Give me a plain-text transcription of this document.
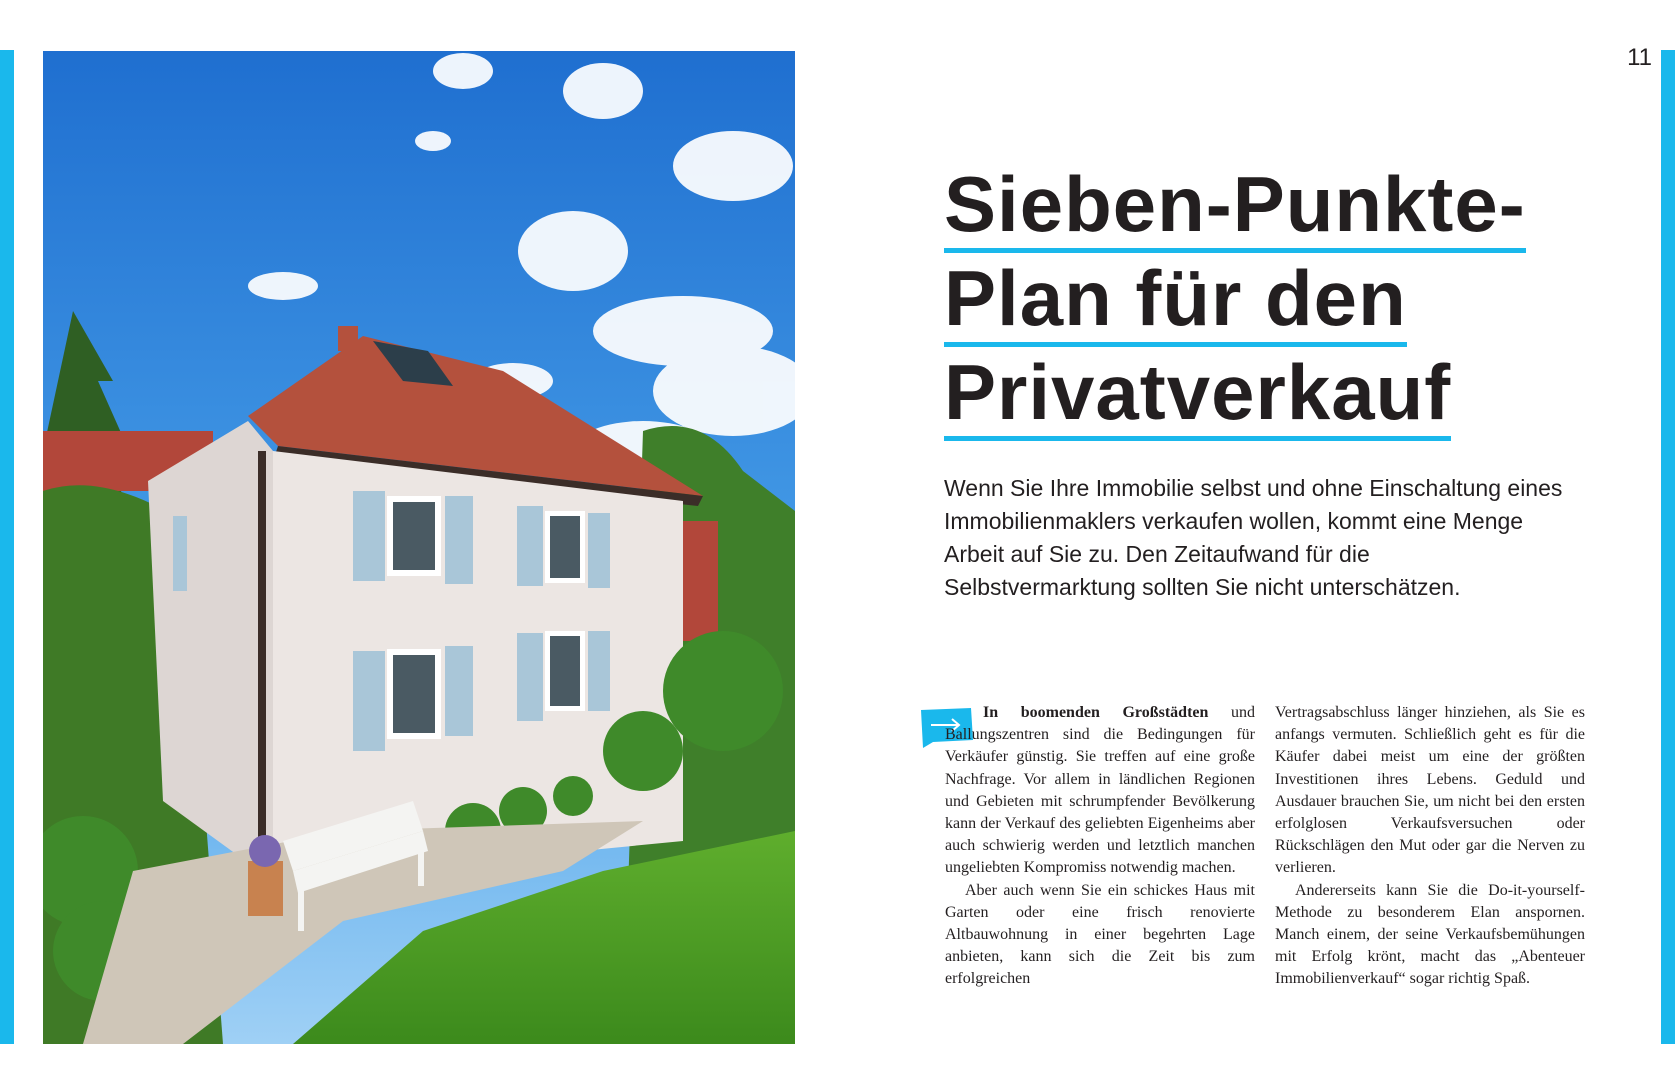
11
Sieben-Punkte-
Plan für den
Privatverkauf

Wenn Sie Ihre Immobilie selbst und ohne Einschaltung eines Immobilienmaklers verkaufen wollen, kommt eine Menge Arbeit auf Sie zu. Den Zeitaufwand für die Selbstvermarktung sollten Sie nicht unterschätzen.

In boomenden Großstädten und Ballungszentren sind die Bedingungen für Verkäufer günstig. Sie treffen auf eine große Nachfrage. Vor allem in ländlichen Regionen und Gebieten mit schrumpfender Bevölkerung kann der Verkauf des geliebten Eigenheims aber auch schwierig werden und letztlich manchen ungeliebten Kompromiss notwendig machen.

Aber auch wenn Sie ein schickes Haus mit Garten oder eine frisch renovierte Altbauwohnung in einer begehrten Lage anbieten, kann sich die Zeit bis zum erfolgreichen

Vertragsabschluss länger hinziehen, als Sie es anfangs vermuten. Schließlich geht es für die Käufer dabei meist um eine der größten Investitionen ihres Lebens. Geduld und Ausdauer brauchen Sie, um nicht bei den ersten erfolglosen Verkaufsversuchen oder Rückschlägen den Mut oder gar die Nerven zu verlieren.

Andererseits kann Sie die Do-it-yourself-Methode zu besonderem Elan anspornen. Manch einem, der seine Verkaufsbemühungen mit Erfolg krönt, macht das „Abenteuer Immobilienverkauf“ sogar richtig Spaß.
